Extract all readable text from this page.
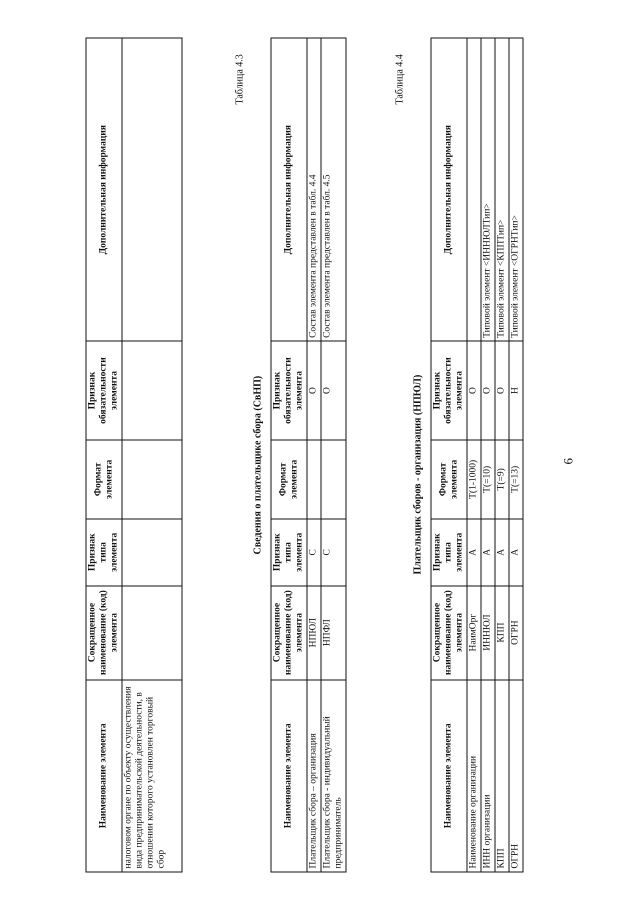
6
Наименование элемента	Сокращенное наименование (код) элемента	Признак типа элемента	Формат элемента	Признак обязательности элемента	Дополнительная информация
налоговом органе по объекту осуществления вида предпринимательской деятельности, в отношении которого установлен торговый сбор					
Таблица 4.3
Сведения о плательщике сбора (СвНП)
Наименование элемента	Сокращенное наименование (код) элемента	Признак типа элемента	Формат элемента	Признак обязательности элемента	Дополнительная информация
Плательщик сбора – организация	НПЮЛ	С		О	Состав элемента представлен в табл. 4.4
Плательщик сбора - индивидуальный предприниматель	НПФЛ	С		О	Состав элемента представлен в табл. 4.5
Таблица 4.4
Плательщик сборов - организация (НПЮЛ)
Наименование элемента	Сокращенное наименование (код) элемента	Признак типа элемента	Формат элемента	Признак обязательности элемента	Дополнительная информация
Наименование организации	НаимОрг	А	T(1-1000)	О	
ИНН организации	ИННЮЛ	А	T(=10)	О	Типовой элемент <ИННЮЛТип>
КПП	КПП	А	T(=9)	О	Типовой элемент <КППТип>
ОГРН	ОГРН	А	T(=13)	Н	Типовой элемент <ОГРНТип>
